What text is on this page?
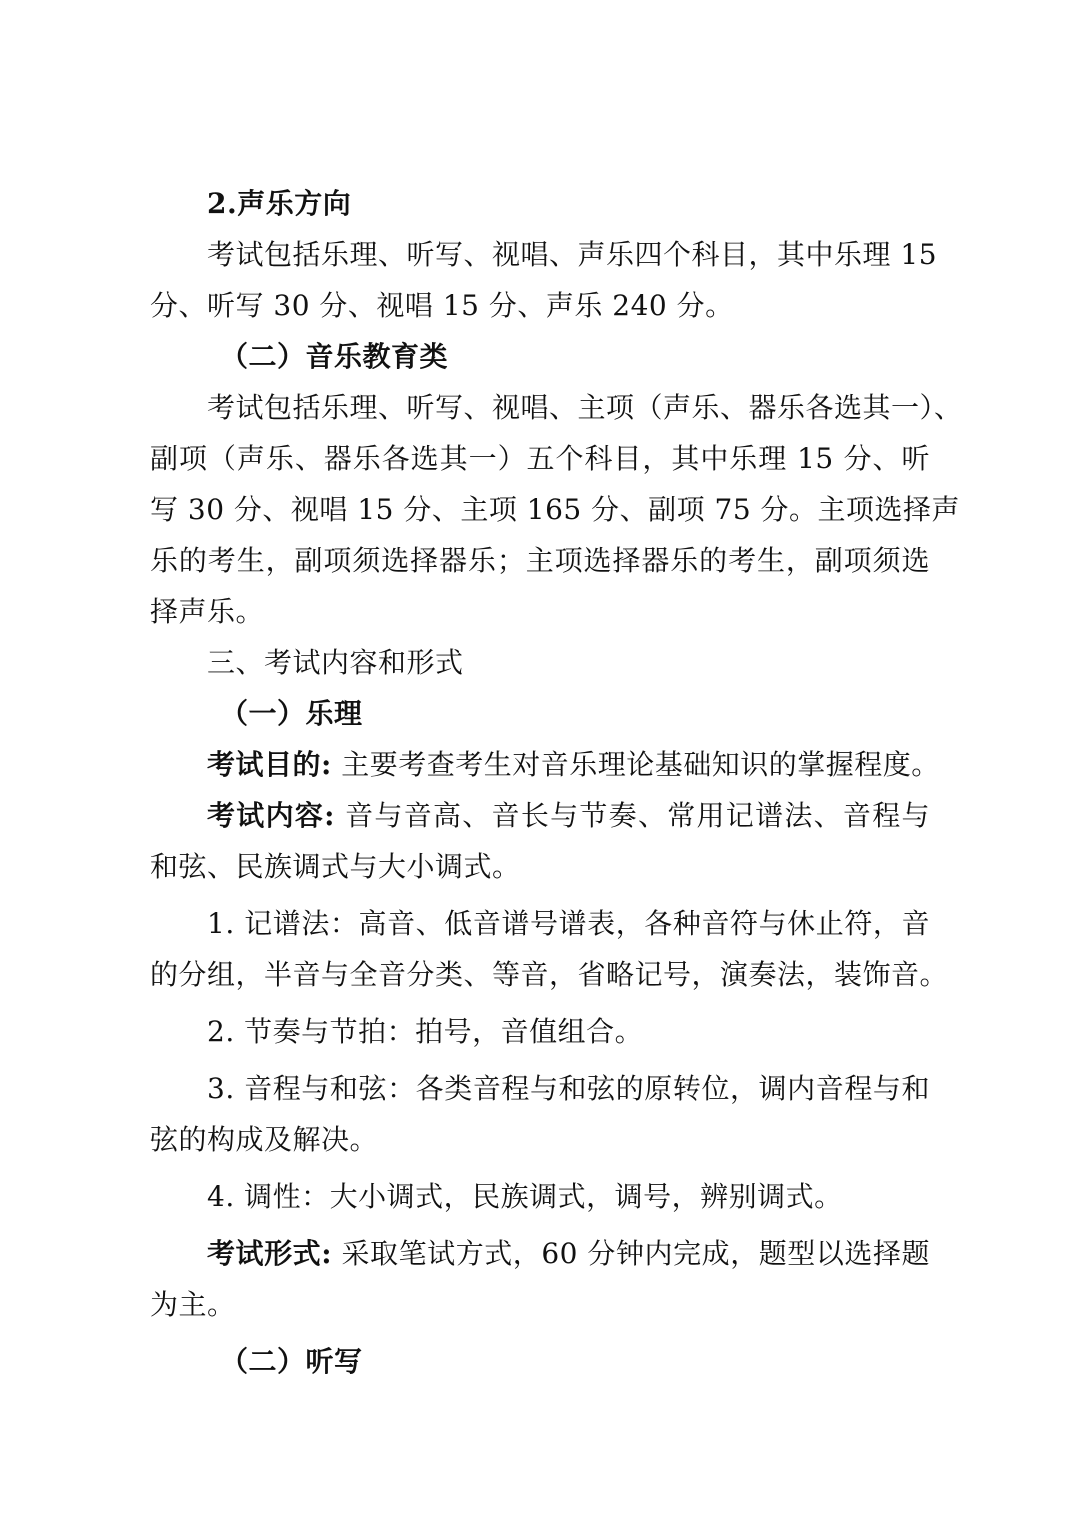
2.声乐方向
考试包括乐理、听写、视唱、声乐四个科目，其中乐理 15
分、听写 30 分、视唱 15 分、声乐 240 分。
（二）音乐教育类
考试包括乐理、听写、视唱、主项（声乐、器乐各选其一）、
副项（声乐、器乐各选其一）五个科目，其中乐理 15 分、听
写 30 分、视唱 15 分、主项 165 分、副项 75 分。主项选择声
乐的考生，副项须选择器乐；主项选择器乐的考生，副项须选
择声乐。
三、考试内容和形式
（一）乐理
考试目的: 主要考查考生对音乐理论基础知识的掌握程度。
考试内容: 音与音高、音长与节奏、常用记谱法、音程与
和弦、民族调式与大小调式。
1. 记谱法：高音、低音谱号谱表，各种音符与休止符，音
的分组，半音与全音分类、等音，省略记号，演奏法，装饰音。
2. 节奏与节拍：拍号，音值组合。
3. 音程与和弦：各类音程与和弦的原转位，调内音程与和
弦的构成及解决。
4. 调性：大小调式，民族调式，调号，辨别调式。
考试形式: 采取笔试方式，60 分钟内完成，题型以选择题
为主。
（二）听写
